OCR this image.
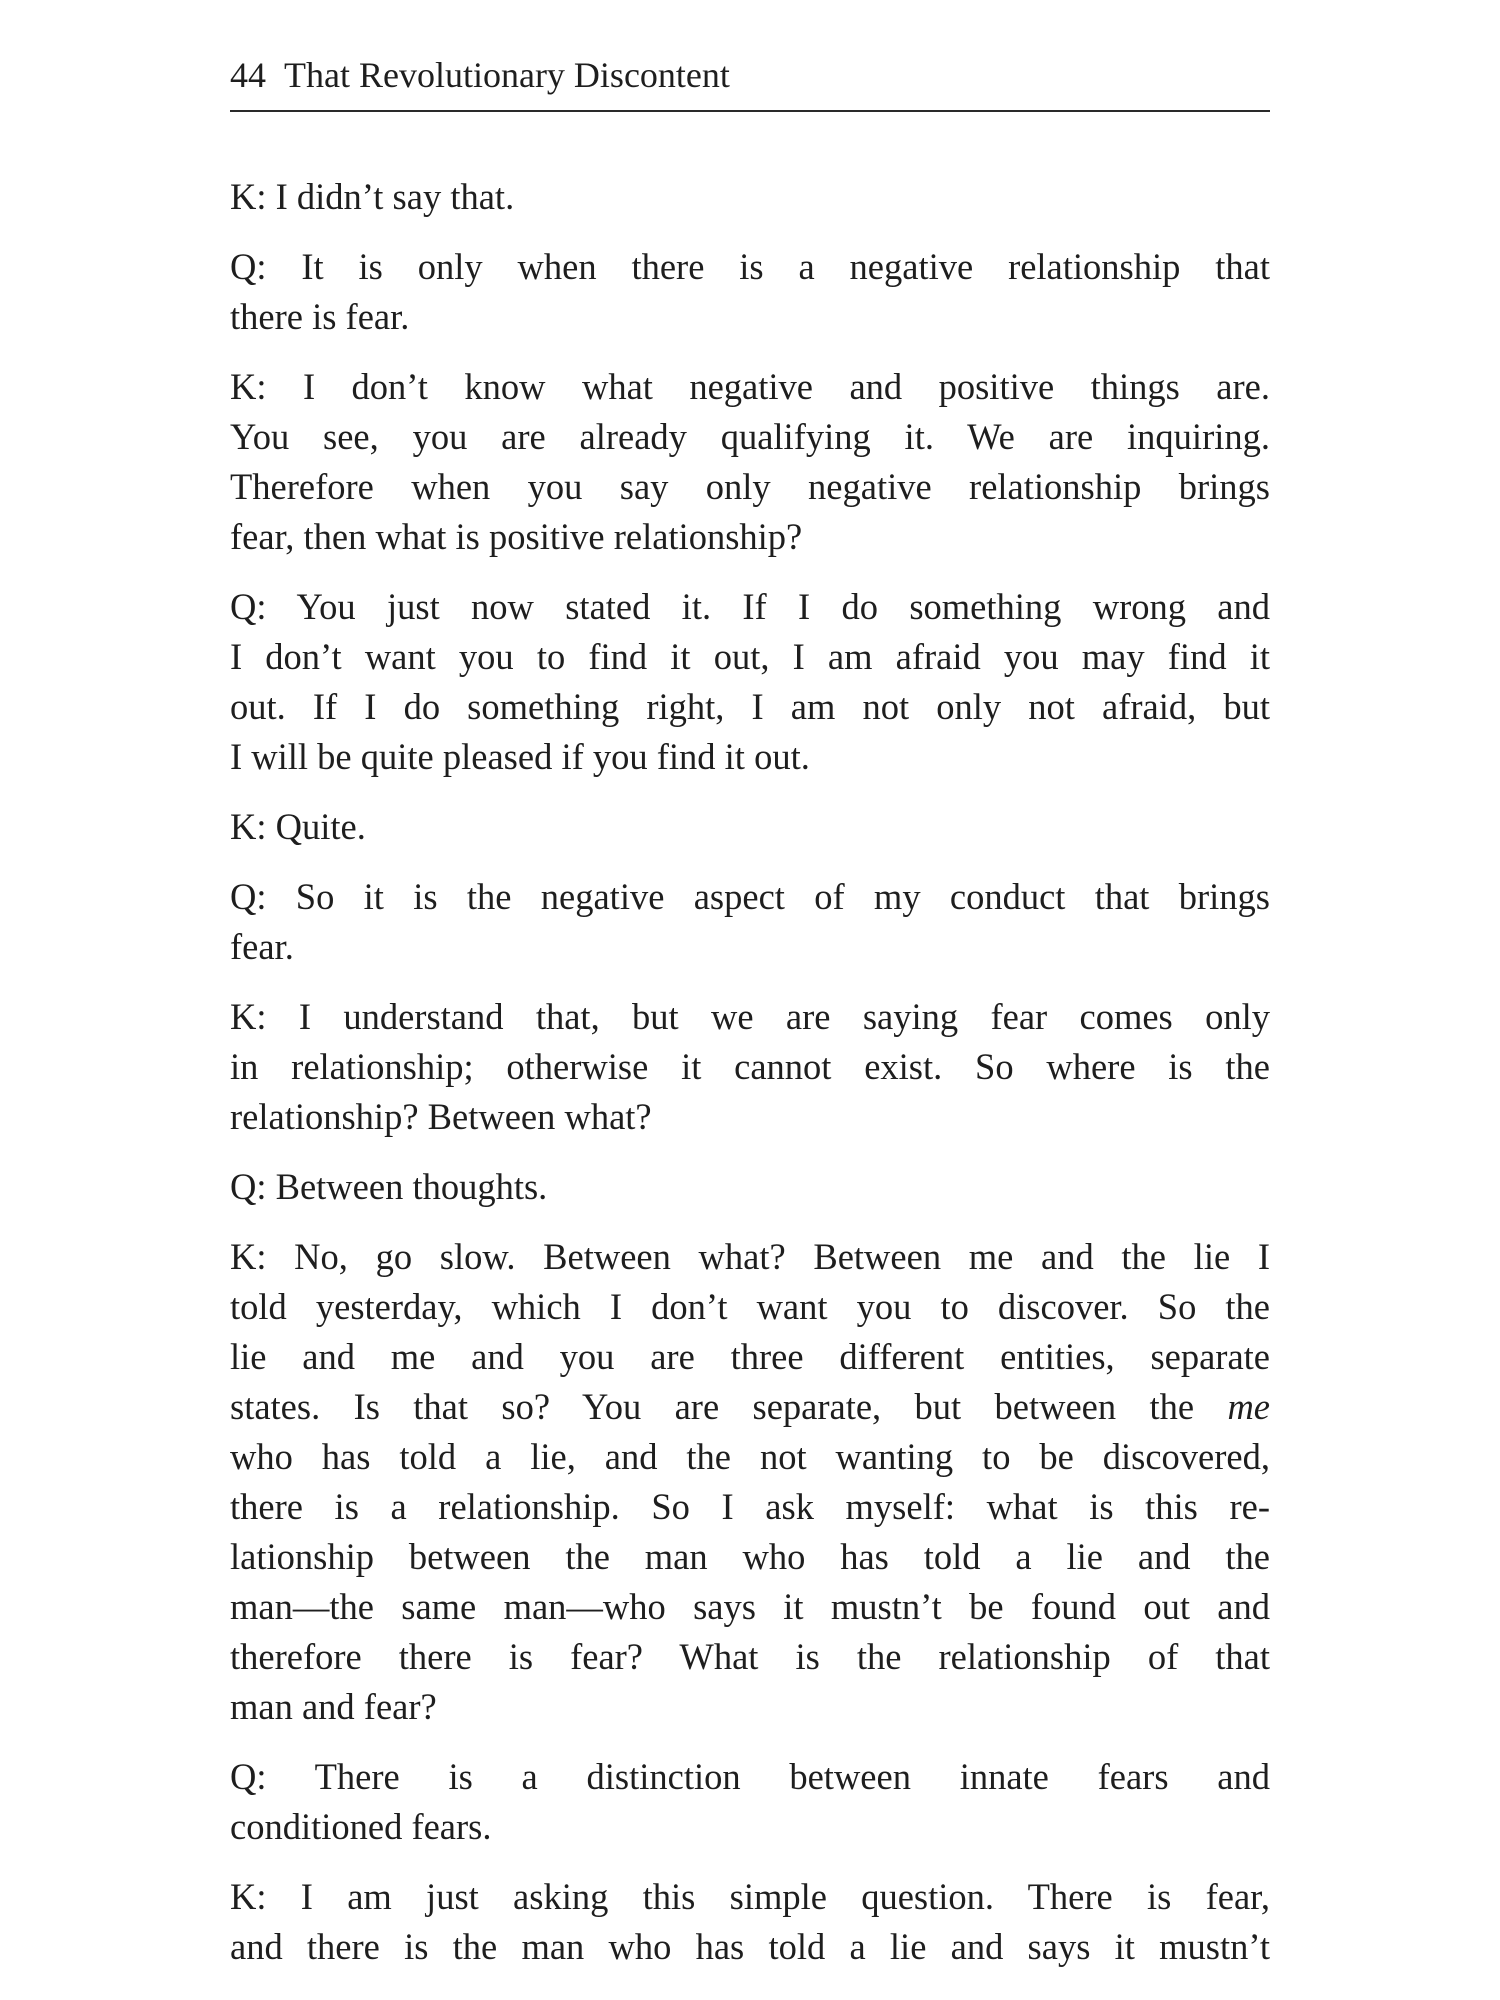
44 That Revolutionary Discontent

K: I didn’t say that.

Q: It is only when there is a negative relationship that
there is fear.

K: I don’t know what negative and positive things are.
You see, you are already qualifying it. We are inquiring.
Therefore when you say only negative relationship brings
fear, then what is positive relationship?

Q: You just now stated it. If I do something wrong and
I don’t want you to find it out, I am afraid you may find it
out. If I do something right, I am not only not afraid, but
I will be quite pleased if you find it out.

K: Quite.

Q: So it is the negative aspect of my conduct that brings
fear.

K: I understand that, but we are saying fear comes only
in relationship; otherwise it cannot exist. So where is the
relationship? Between what?

Q: Between thoughts.

K: No, go slow. Between what? Between me and the lie I
told yesterday, which I don’t want you to discover. So the
lie and me and you are three different entities, separate
states. Is that so? You are separate, but between the me
who has told a lie, and the not wanting to be discovered,
there is a relationship. So I ask myself: what is this re-
lationship between the man who has told a lie and the
man—the same man—who says it mustn’t be found out and
therefore there is fear? What is the relationship of that
man and fear?

Q: There is a distinction between innate fears and
conditioned fears.

K: I am just asking this simple question. There is fear,
and there is the man who has told a lie and says it mustn’t
